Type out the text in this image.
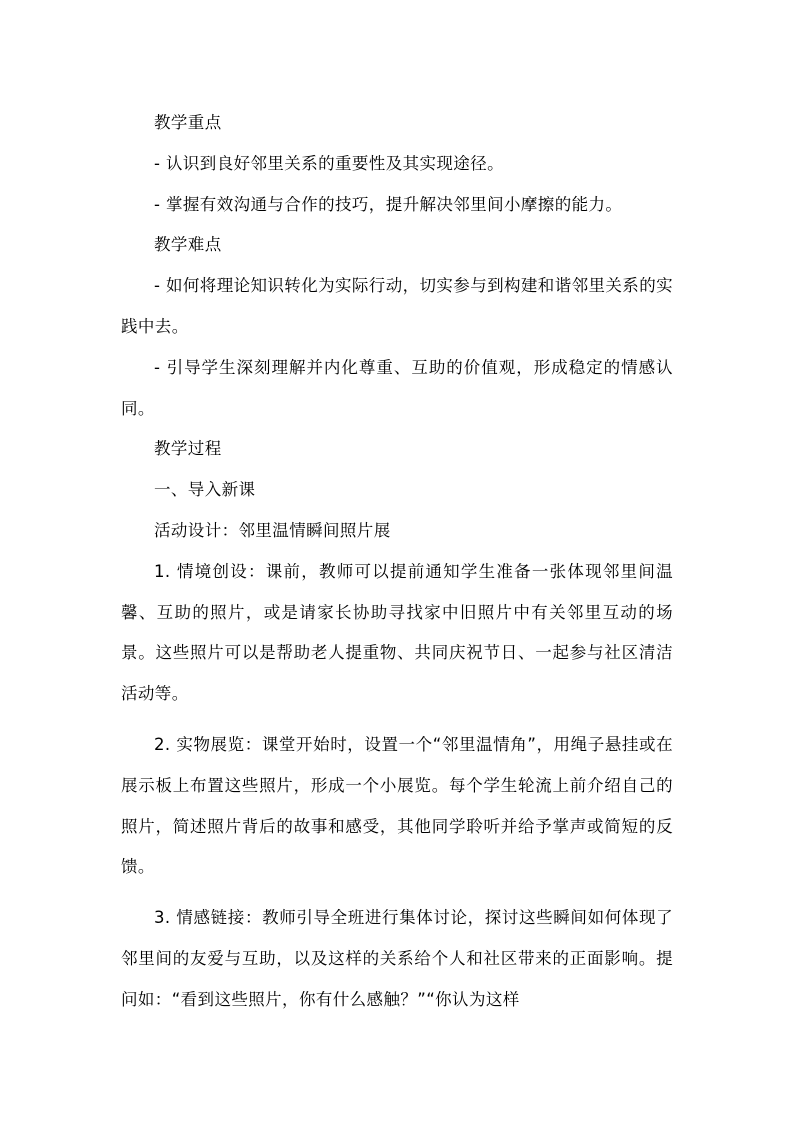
教学重点

- 认识到良好邻里关系的重要性及其实现途径。

- 掌握有效沟通与合作的技巧，提升解决邻里间小摩擦的能力。

教学难点

- 如何将理论知识转化为实际行动，切实参与到构建和谐邻里关系的实践中去。

- 引导学生深刻理解并内化尊重、互助的价值观，形成稳定的情感认同。

教学过程

一、导入新课

活动设计：邻里温情瞬间照片展

1. 情境创设：课前，教师可以提前通知学生准备一张体现邻里间温馨、互助的照片，或是请家长协助寻找家中旧照片中有关邻里互动的场景。这些照片可以是帮助老人提重物、共同庆祝节日、一起参与社区清洁活动等。

2. 实物展览：课堂开始时，设置一个“邻里温情角”，用绳子悬挂或在展示板上布置这些照片，形成一个小展览。每个学生轮流上前介绍自己的照片，简述照片背后的故事和感受，其他同学聆听并给予掌声或简短的反馈。

3. 情感链接：教师引导全班进行集体讨论，探讨这些瞬间如何体现了邻里间的友爱与互助，以及这样的关系给个人和社区带来的正面影响。提问如：“看到这些照片，你有什么感触？”“你认为这样
